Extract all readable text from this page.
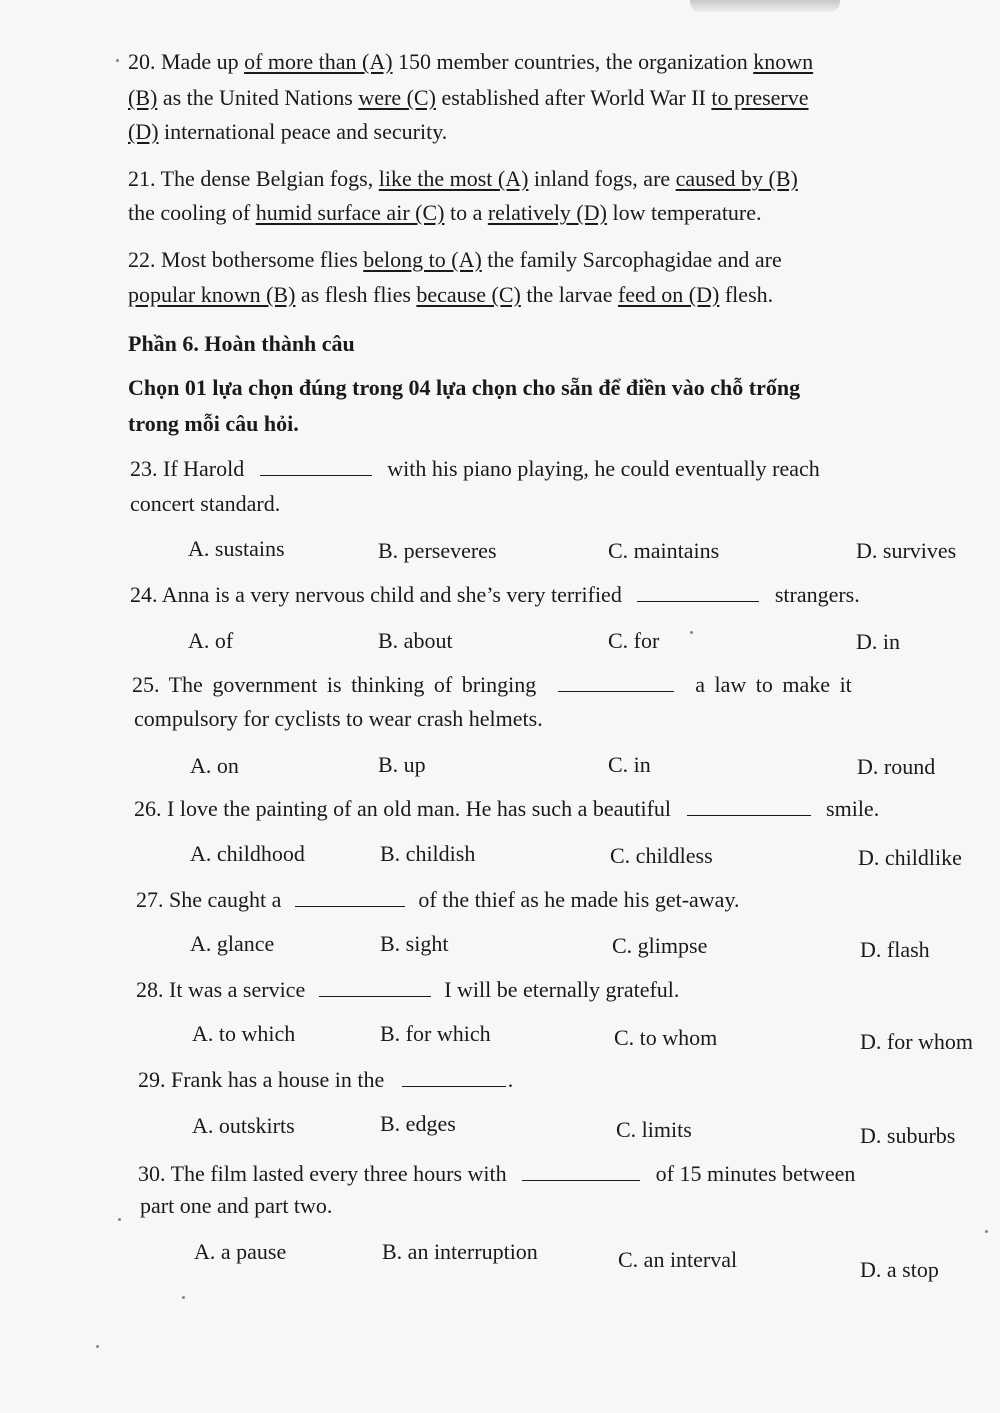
20. Made up of more than (A) 150 member countries, the organization known
(B) as the United Nations were (C) established after World War II to preserve
(D) international peace and security.
21. The dense Belgian fogs, like the most (A) inland fogs, are caused by (B)
the cooling of humid surface air (C) to a relatively (D) low temperature.
22. Most bothersome flies belong to (A) the family Sarcophagidae and are
popular known (B) as flesh flies because (C) the larvae feed on (D) flesh.
Phần 6. Hoàn thành câu
Chọn 01 lựa chọn đúng trong 04 lựa chọn cho sẵn để điền vào chỗ trống
trong mỗi câu hỏi.
23. If Harold	with his piano playing, he could eventually reach
concert standard.
A. sustains	B. perseveres	C. maintains	D. survives
24. Anna is a very nervous child and she’s very terrified	strangers.
A. of	B. about	C. for	D. in
25. The government is thinking of bringing	a law to make it
compulsory for cyclists to wear crash helmets.
A. on	B. up	C. in	D. round
26. I love the painting of an old man. He has such a beautiful	smile.
A. childhood	B. childish	C. childless	D. childlike
27. She caught a	of the thief as he made his get-away.
A. glance	B. sight	C. glimpse	D. flash
28. It was a service	I will be eternally grateful.
A. to which	B. for which	C. to whom	D. for whom
29. Frank has a house in the	.
A. outskirts	B. edges	C. limits	D. suburbs
30. The film lasted every three hours with	of 15 minutes between
part one and part two.
A. a pause	B. an interruption	C. an interval	D. a stop
